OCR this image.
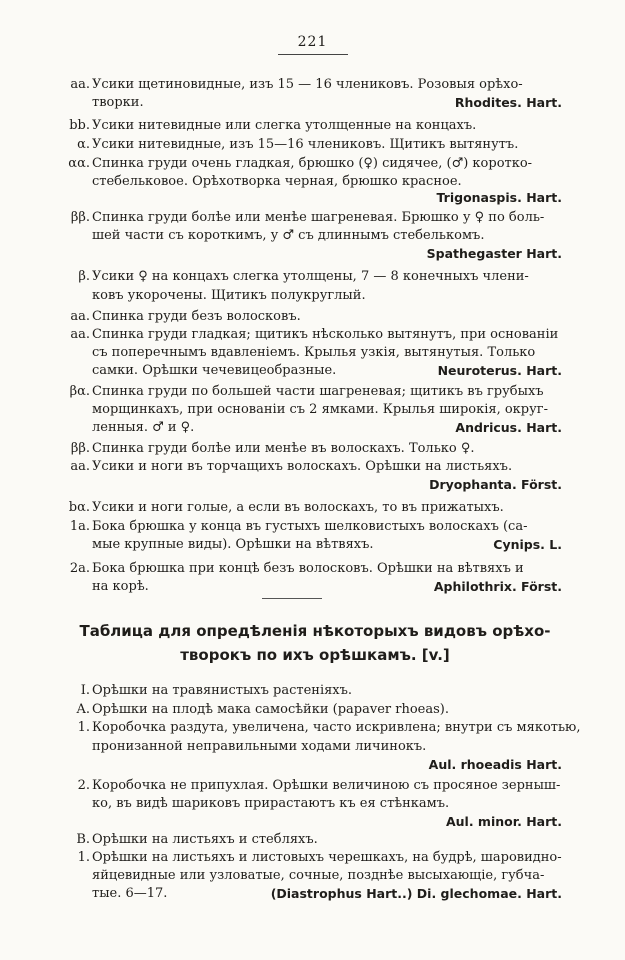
221
aa. Усики щетиновидные, изъ 15 — 16 члениковъ. Розовыя орѣхо-
творки.	Rhodites. Hart.
bb. Усики нитевидные или слегка утолщенные на концахъ.
α. Усики нитевидные, изъ 15—16 члениковъ. Щитикъ вытянутъ.
αα. Спинка груди очень гладкая, брюшко (♀) сидячее, (♂) коротко-
стебельковое. Орѣхотворка черная, брюшко красное.
Trigonaspis. Hart.
ββ. Спинка груди болѣе или менѣе шагреневая. Брюшко у ♀ по боль-
шей части съ короткимъ, у ♂ съ длиннымъ стебелькомъ.
Spathegaster Hart.
β. Усики ♀ на концахъ слегка утолщены, 7 — 8 конечныхъ члени-
ковъ укорочены. Щитикъ полукруглый.
aa. Спинка груди безъ волосковъ.
aa. Спинка груди гладкая; щитикъ нѣсколько вытянутъ, при основаніи
съ поперечнымъ вдавленіемъ. Крылья узкія, вытянутыя. Только
самки. Орѣшки чечевицеобразные.	Neuroterus. Hart.
βα. Спинка груди по большей части шагреневая; щитикъ въ грубыхъ
морщинкахъ, при основаніи съ 2 ямками. Крылья широкія, округ-
ленныя. ♂ и ♀.	Andricus. Hart.
ββ. Спинка груди болѣе или менѣе въ волоскахъ. Только ♀.
aa. Усики и ноги въ торчащихъ волоскахъ. Орѣшки на листьяхъ.
Dryophanta. Först.
bα. Усики и ноги голые, а если въ волоскахъ, то въ прижатыхъ.
1a. Бока брюшка у конца въ густыхъ шелковистыхъ волоскахъ (са-
мые крупные виды). Орѣшки на вѣтвяхъ.	Cynips. L.
2a. Бока брюшка при концѣ безъ волосковъ. Орѣшки на вѣтвяхъ и
на корѣ.	Aphilothrix. Först.
Таблица для опредѣленія нѣкоторыхъ видовъ орѣхо-
творокъ по ихъ орѣшкамъ. [v.]
I. Орѣшки на травянистыхъ растеніяхъ.
A. Орѣшки на плодѣ мака самосѣйки (papaver rhoeas).
1. Коробочка раздута, увеличена, часто искривлена; внутри съ мякотью,
пронизанной неправильными ходами личинокъ.
Aul. rhoeadis Hart.
2. Коробочка не припухлая. Орѣшки величиною съ просяное зерныш-
ко, въ видѣ шариковъ прирастаютъ къ ея стѣнкамъ.
Aul. minor. Hart.
B. Орѣшки на листьяхъ и стебляхъ.
1. Орѣшки на листьяхъ и листовыхъ черешкахъ, на будрѣ, шаровидно-
яйцевидные или узловатые, сочные, позднѣе высыхающіе, губча-
тые. 6—17.	(Diastrophus Hart..) Di. glechomae. Hart.
